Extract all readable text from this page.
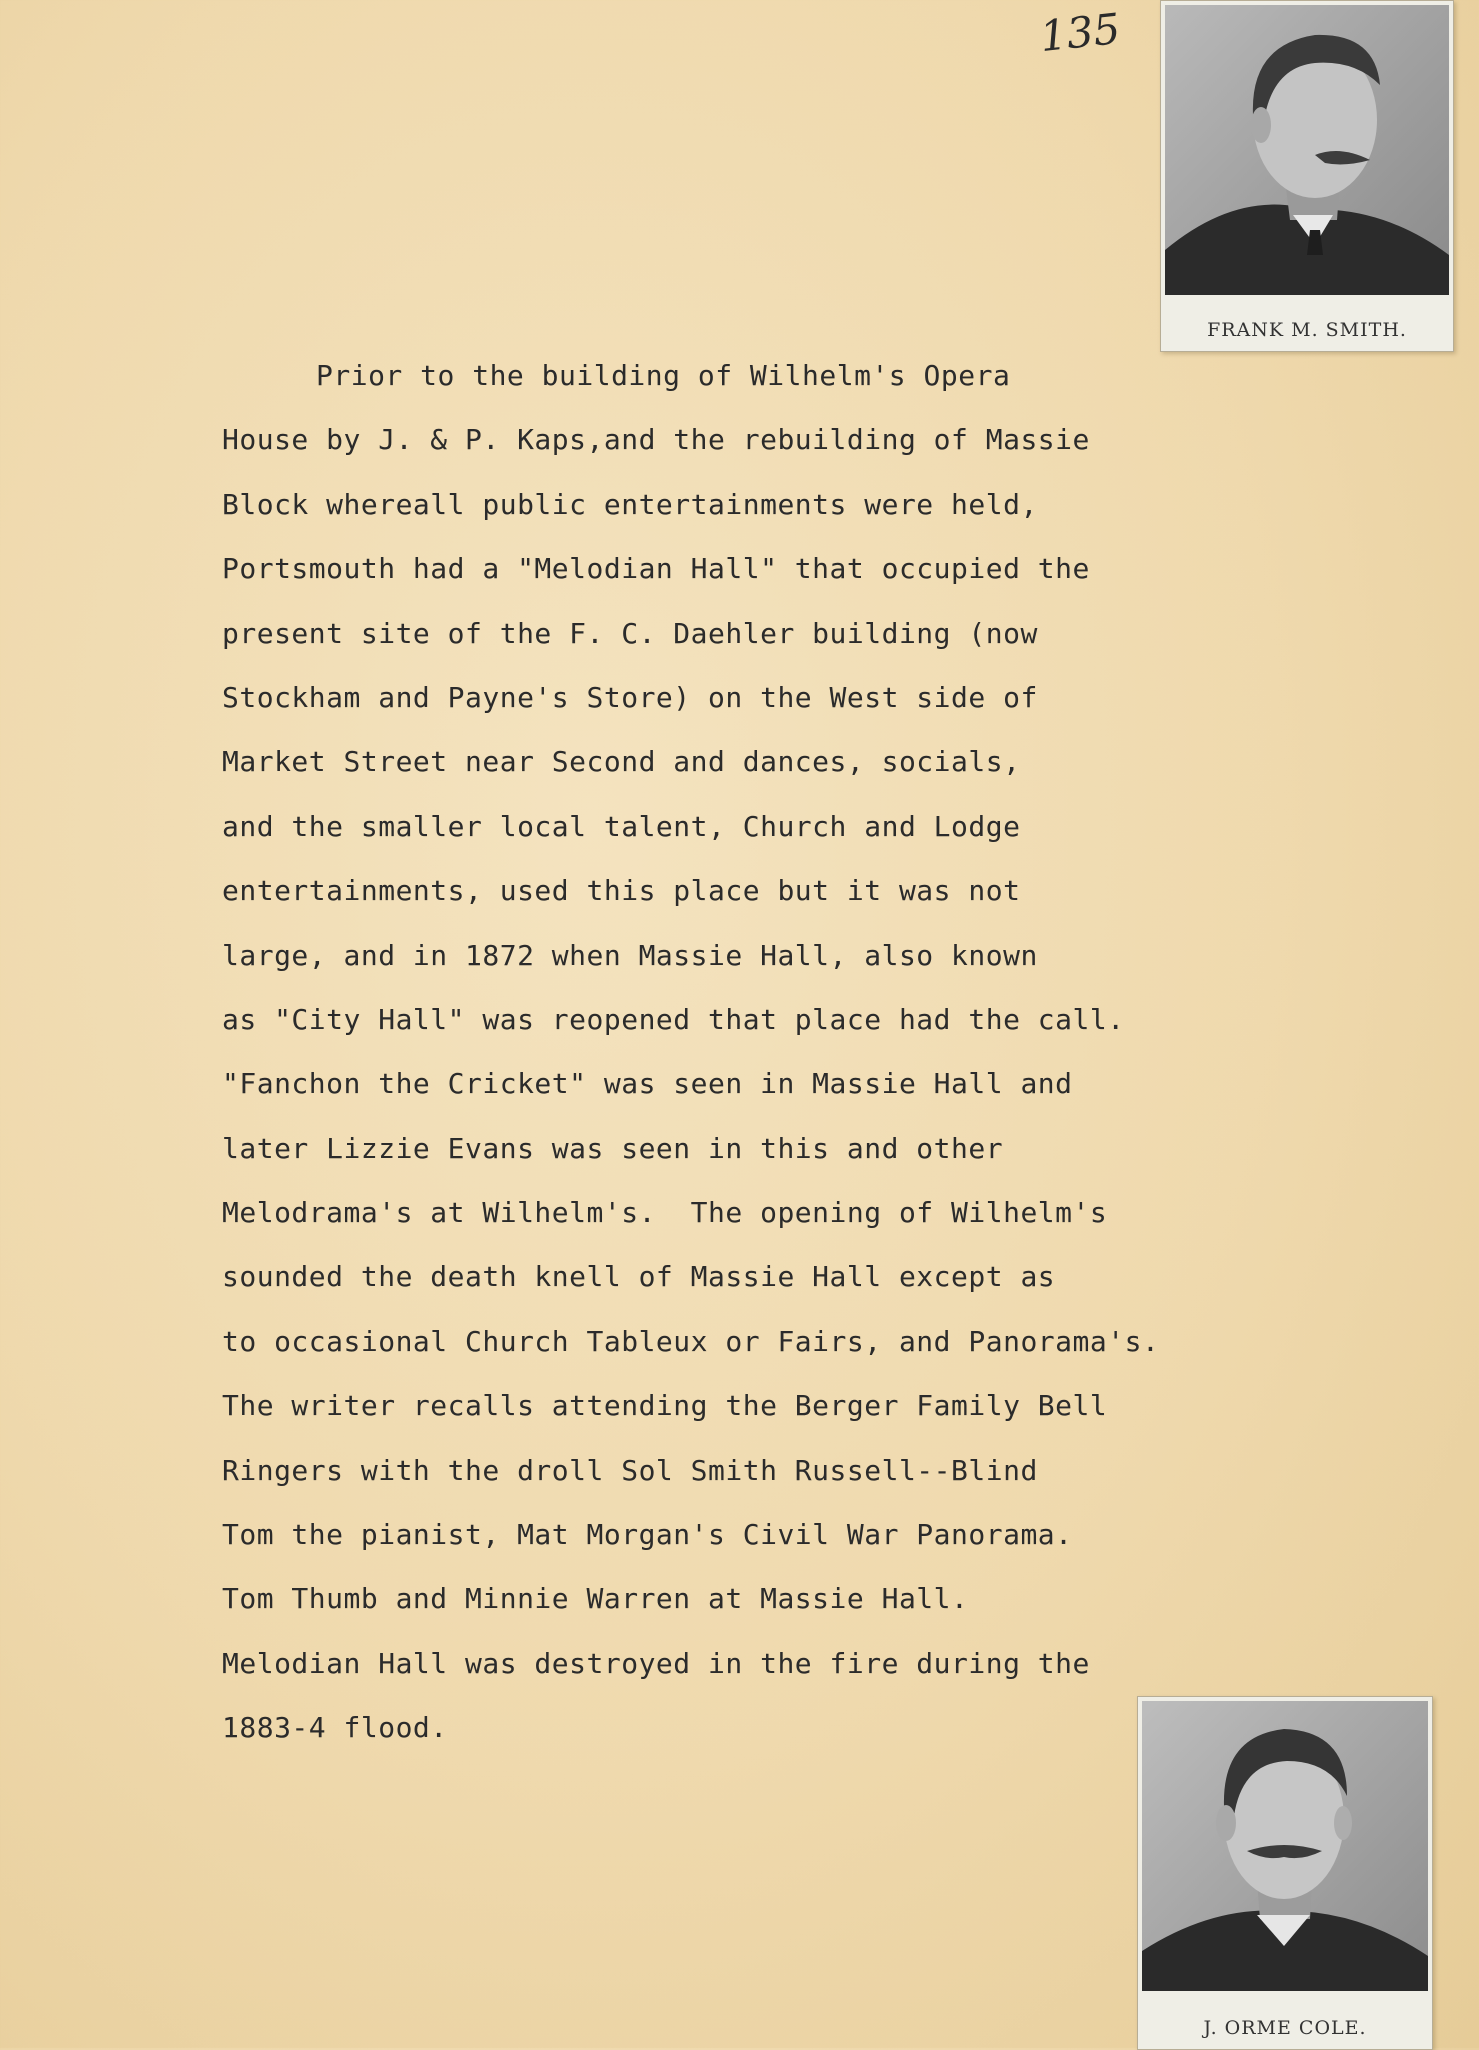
135
FRANK M. SMITH.
Prior to the building of Wilhelm's Opera
House by J. & P. Kaps,and the rebuilding of Massie
Block whereall public entertainments were held,
Portsmouth had a "Melodian Hall" that occupied the
present site of the F. C. Daehler building (now
Stockham and Payne's Store) on the West side of
Market Street near Second and dances, socials,
and the smaller local talent, Church and Lodge
entertainments, used this place but it was not
large, and in 1872 when Massie Hall, also known
as "City Hall" was reopened that place had the call.
"Fanchon the Cricket" was seen in Massie Hall and
later Lizzie Evans was seen in this and other
Melodrama's at Wilhelm's.  The opening of Wilhelm's
sounded the death knell of Massie Hall except as
to occasional Church Tableux or Fairs, and Panorama's.
The writer recalls attending the Berger Family Bell
Ringers with the droll Sol Smith Russell--Blind
Tom the pianist, Mat Morgan's Civil War Panorama.
Tom Thumb and Minnie Warren at Massie Hall.
Melodian Hall was destroyed in the fire during the
1883-4 flood.
J. ORME COLE.
